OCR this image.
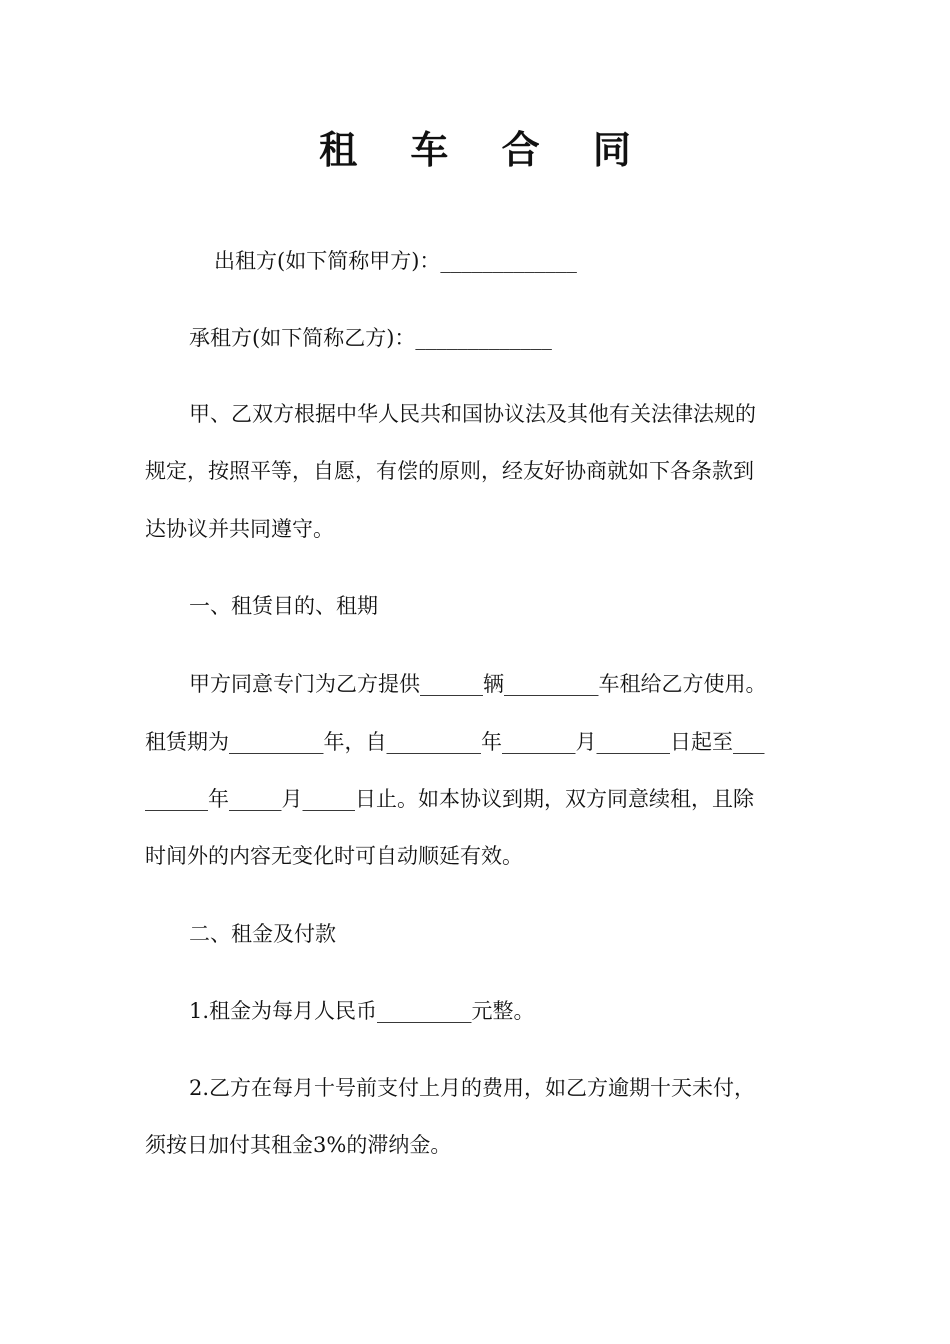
租 车 合 同
出租方(如下简称甲方)：_____________
承租方(如下简称乙方)：_____________
甲、乙双方根据中华人民共和国协议法及其他有关法律法规的
规定，按照平等，自愿，有偿的原则，经友好协商就如下各条款到
达协议并共同遵守。
一、租赁目的、租期
甲方同意专门为乙方提供______辆_________车租给乙方使用。
租赁期为_________年，自_________年_______月_______日起至___
______年_____月_____日止。如本协议到期，双方同意续租，且除
时间外的内容无变化时可自动顺延有效。
二、租金及付款
1.租金为每月人民币_________元整。
2.乙方在每月十号前支付上月的费用，如乙方逾期十天未付，
须按日加付其租金3%的滞纳金。
